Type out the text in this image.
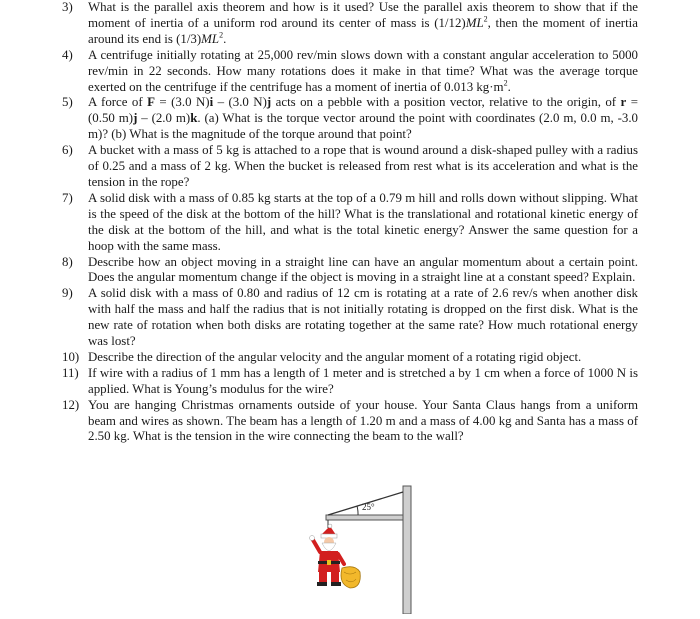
3) What is the parallel axis theorem and how is it used? Use the parallel axis theorem to show that if the moment of inertia of a uniform rod around its center of mass is $(1/12)ML^2$, then the moment of inertia around its end is $(1/3)ML^2$.
4) A centrifuge initially rotating at 25,000 rev/min slows down with a constant angular acceleration to 5000 rev/min in 22 seconds. How many rotations does it make in that time? What was the average torque exerted on the centrifuge if the centrifuge has a moment of inertia of 0.013 $kg\cdot m^2$.
5) A force of F = (3.0 N)i – (3.0 N)j acts on a pebble with a position vector, relative to the origin, of r = (0.50 m)j – (2.0 m)k. (a) What is the torque vector around the point with coordinates (2.0 m, 0.0 m, -3.0 m)? (b) What is the magnitude of the torque around that point?
6) A bucket with a mass of 5 kg is attached to a rope that is wound around a disk-shaped pulley with a radius of 0.25 and a mass of 2 kg. When the bucket is released from rest what is its acceleration and what is the tension in the rope?
7) A solid disk with a mass of 0.85 kg starts at the top of a 0.79 m hill and rolls down without slipping. What is the speed of the disk at the bottom of the hill? What is the translational and rotational kinetic energy of the disk at the bottom of the hill, and what is the total kinetic energy? Answer the same question for a hoop with the same mass.
8) Describe how an object moving in a straight line can have an angular momentum about a certain point. Does the angular momentum change if the object is moving in a straight line at a constant speed? Explain.
9) A solid disk with a mass of 0.80 and radius of 12 cm is rotating at a rate of 2.6 rev/s when another disk with half the mass and half the radius that is not initially rotating is dropped on the first disk. What is the new rate of rotation when both disks are rotating together at the same rate? How much rotational energy was lost?
10) Describe the direction of the angular velocity and the angular moment of a rotating rigid object.
11) If wire with a radius of 1 mm has a length of 1 meter and is stretched a by 1 cm when a force of 1000 N is applied. What is Young’s modulus for the wire?
12) You are hanging Christmas ornaments outside of your house. Your Santa Claus hangs from a uniform beam and wires as shown. The beam has a length of 1.20 m and a mass of 4.00 kg and Santa has a mass of 2.50 kg. What is the tension in the wire connecting the beam to the wall?
25°
